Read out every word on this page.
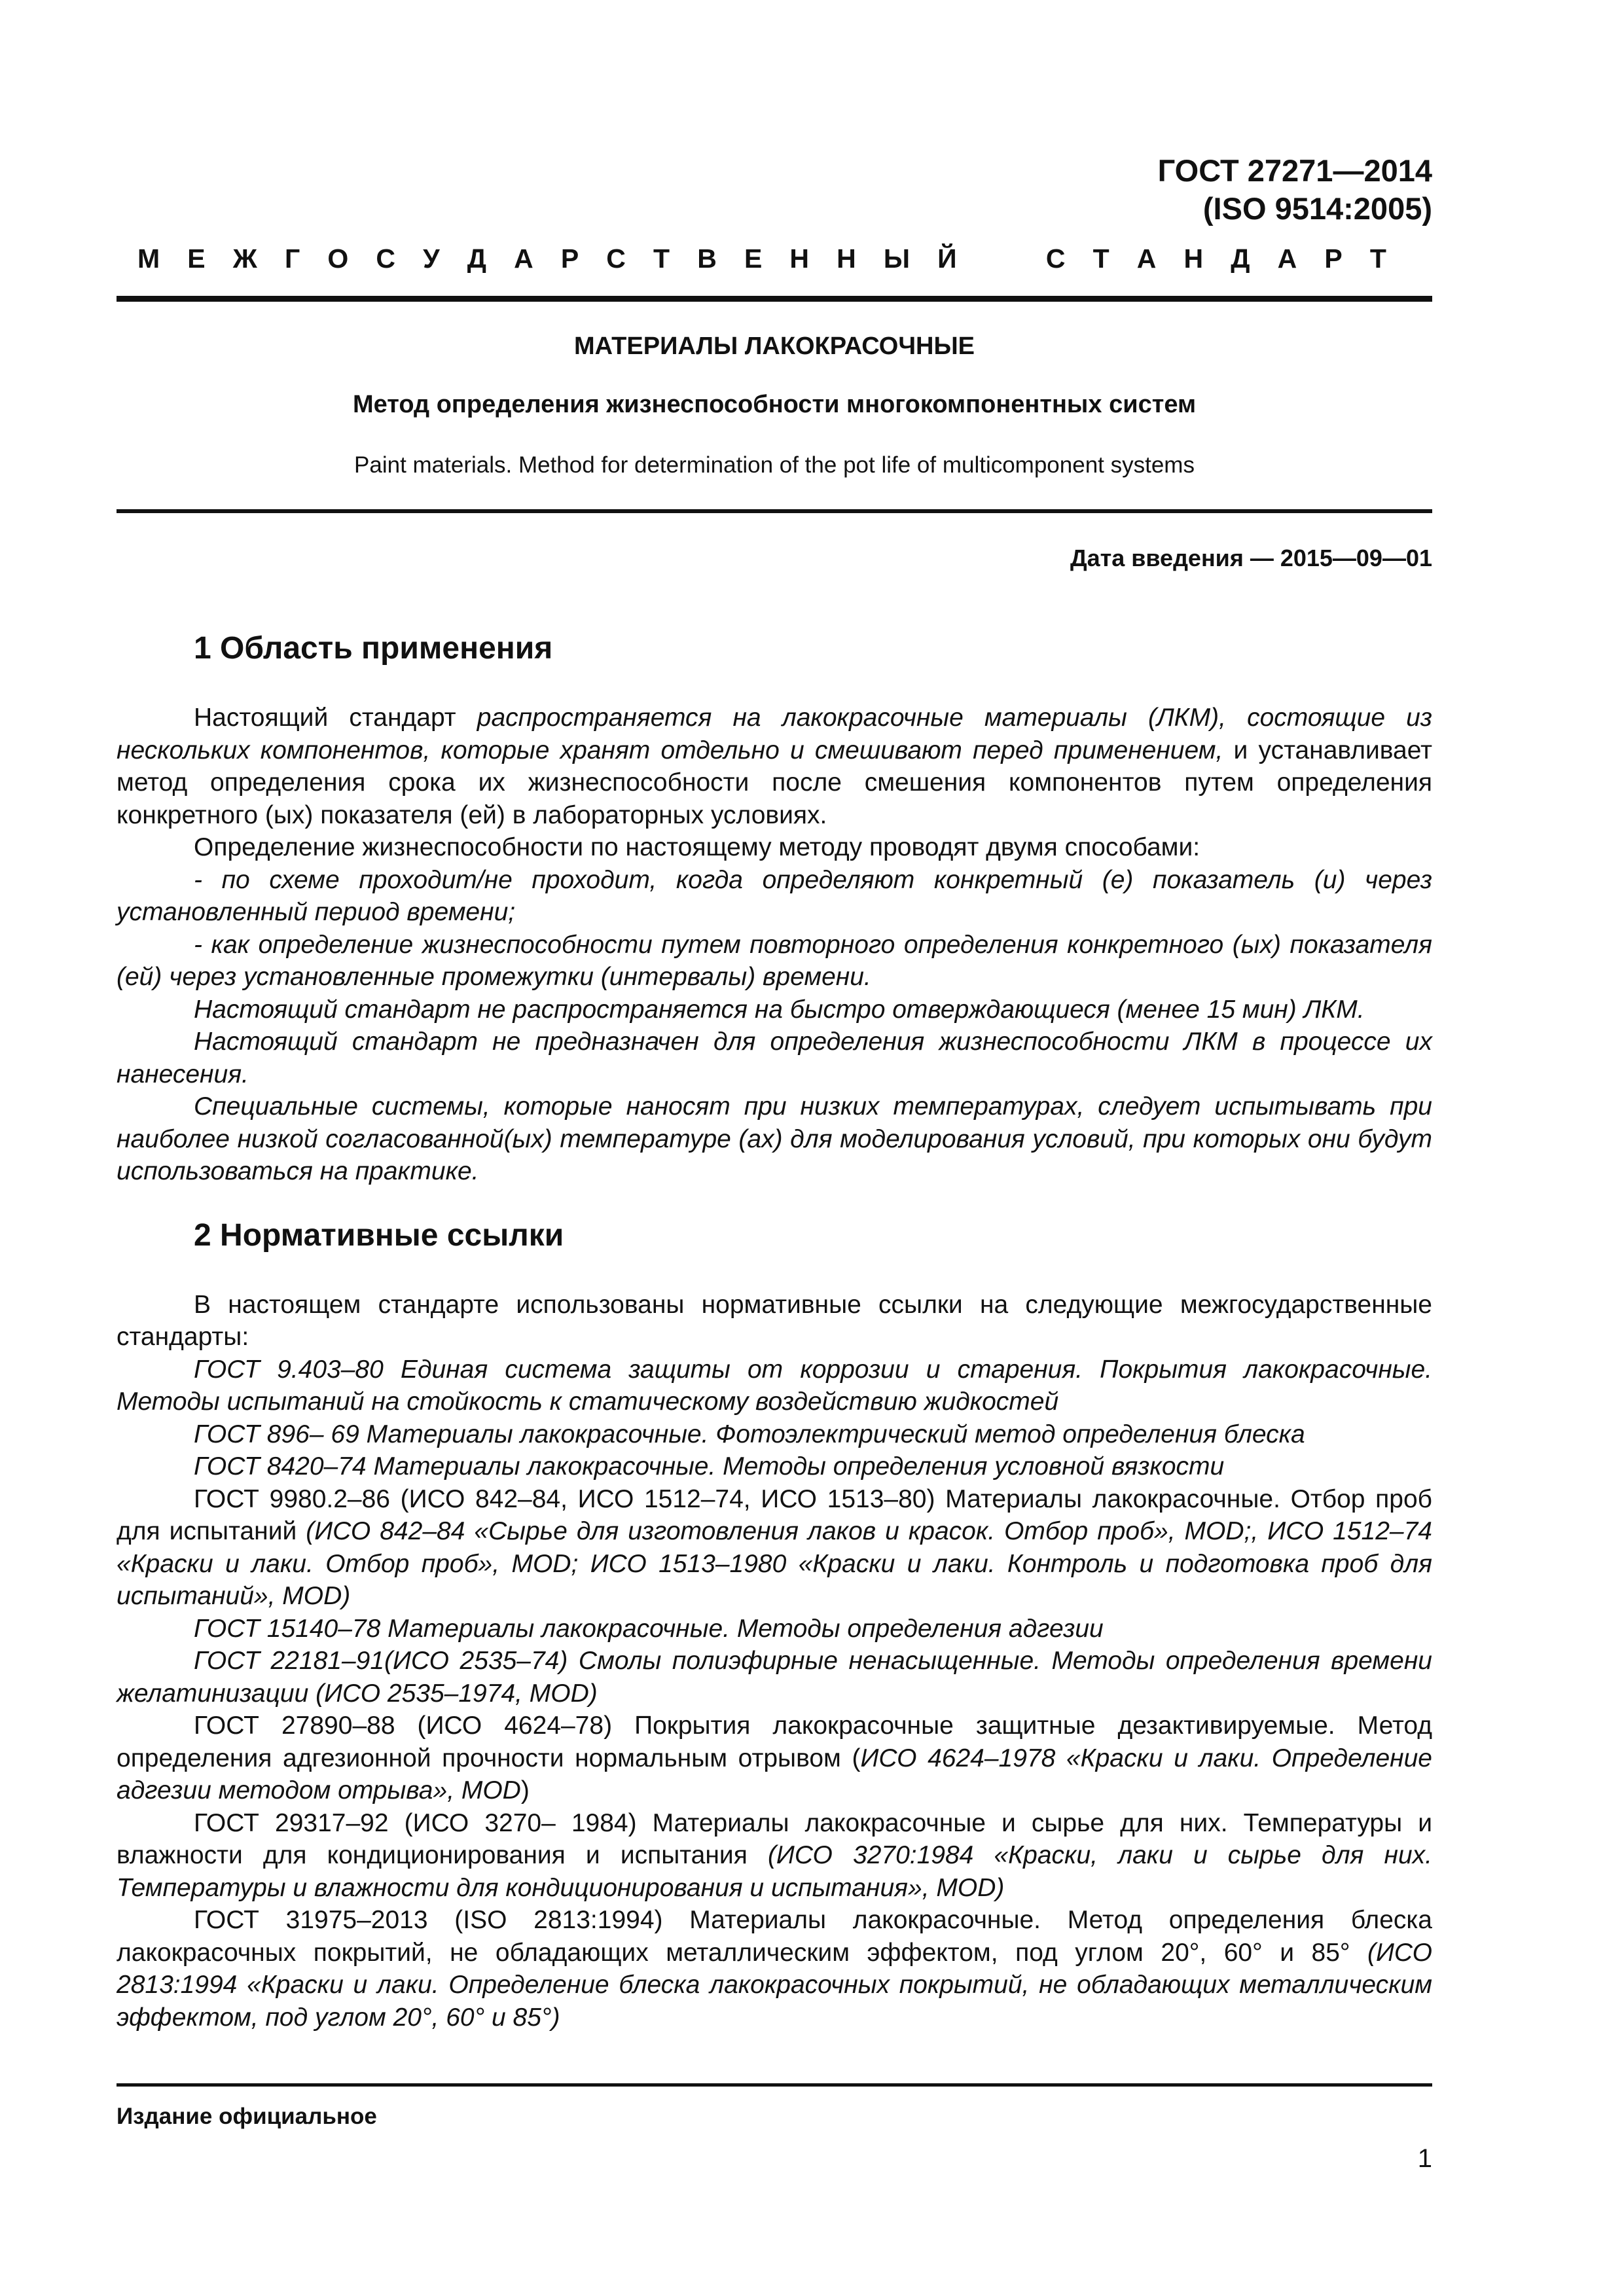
ГОСТ 27271—2014
(ISO 9514:2005)
М Е Ж Г О С У Д А Р С Т В Е Н Н Ы Й	С Т А Н Д А Р Т
МАТЕРИАЛЫ ЛАКОКРАСОЧНЫЕ
Метод определения жизнеспособности многокомпонентных систем
Paint materials. Method for determination of the pot life of multicomponent systems
Дата введения — 2015—09—01
1 Область применения

Настоящий стандарт распространяется на лакокрасочные материалы (ЛКМ), состоящие из нескольких компонентов, которые хранят отдельно и смешивают перед применением, и устанавливает метод определения срока их жизнеспособности после смешения компонентов путем определения конкретного (ых) показателя (ей) в лабораторных условиях.

Определение жизнеспособности по настоящему методу проводят двумя способами:

- по схеме проходит/не проходит, когда определяют конкретный (е) показатель (и) через установленный период времени;

- как определение жизнеспособности путем повторного определения конкретного (ых) показателя (ей) через установленные промежутки (интервалы) времени.

Настоящий стандарт не распространяется на быстро отверждающиеся (менее 15 мин) ЛКМ.

Настоящий стандарт не предназначен для определения жизнеспособности ЛКМ в процессе их нанесения.

Специальные системы, которые наносят при низких температурах, следует испытывать при наиболее низкой согласованной(ых) температуре (ах) для моделирования условий, при которых они будут использоваться на практике.

2 Нормативные ссылки

В настоящем стандарте использованы нормативные ссылки на следующие межгосударственные стандарты:

ГОСТ 9.403–80 Единая система защиты от коррозии и старения. Покрытия лакокрасочные. Методы испытаний на стойкость к статическому воздействию жидкостей

ГОСТ 896– 69 Материалы лакокрасочные. Фотоэлектрический метод определения блеска

ГОСТ 8420–74 Материалы лакокрасочные. Методы определения условной вязкости

ГОСТ 9980.2–86 (ИСО 842–84, ИСО 1512–74, ИСО 1513–80) Материалы лакокрасочные. Отбор проб для испытаний (ИСО 842–84 «Сырье для изготовления лаков и красок. Отбор проб», MOD;, ИСО 1512–74 «Краски и лаки. Отбор проб», MOD; ИСО 1513–1980 «Краски и лаки. Контроль и подготовка проб для испытаний», MOD)

ГОСТ 15140–78 Материалы лакокрасочные. Методы определения адгезии

ГОСТ 22181–91(ИСО 2535–74) Смолы полиэфирные ненасыщенные. Методы определения времени желатинизации (ИСО 2535–1974, MOD)

ГОСТ 27890–88 (ИСО 4624–78) Покрытия лакокрасочные защитные дезактивируемые. Метод определения адгезионной прочности нормальным отрывом (ИСО 4624–1978 «Краски и лаки. Определение адгезии методом отрыва», MOD)

ГОСТ 29317–92 (ИСО 3270– 1984) Материалы лакокрасочные и сырье для них. Температуры и влажности для кондиционирования и испытания (ИСО 3270:1984 «Краски, лаки и сырье для них. Температуры и влажности для кондиционирования и испытания», MOD)

ГОСТ 31975–2013 (ISO 2813:1994) Материалы лакокрасочные. Метод определения блеска лакокрасочных покрытий, не обладающих металлическим эффектом, под углом 20°, 60° и 85° (ИСО 2813:1994 «Краски и лаки. Определение блеска лакокрасочных покрытий, не обладающих металлическим эффектом, под углом 20°, 60° и 85°)

Издание официальное
1
